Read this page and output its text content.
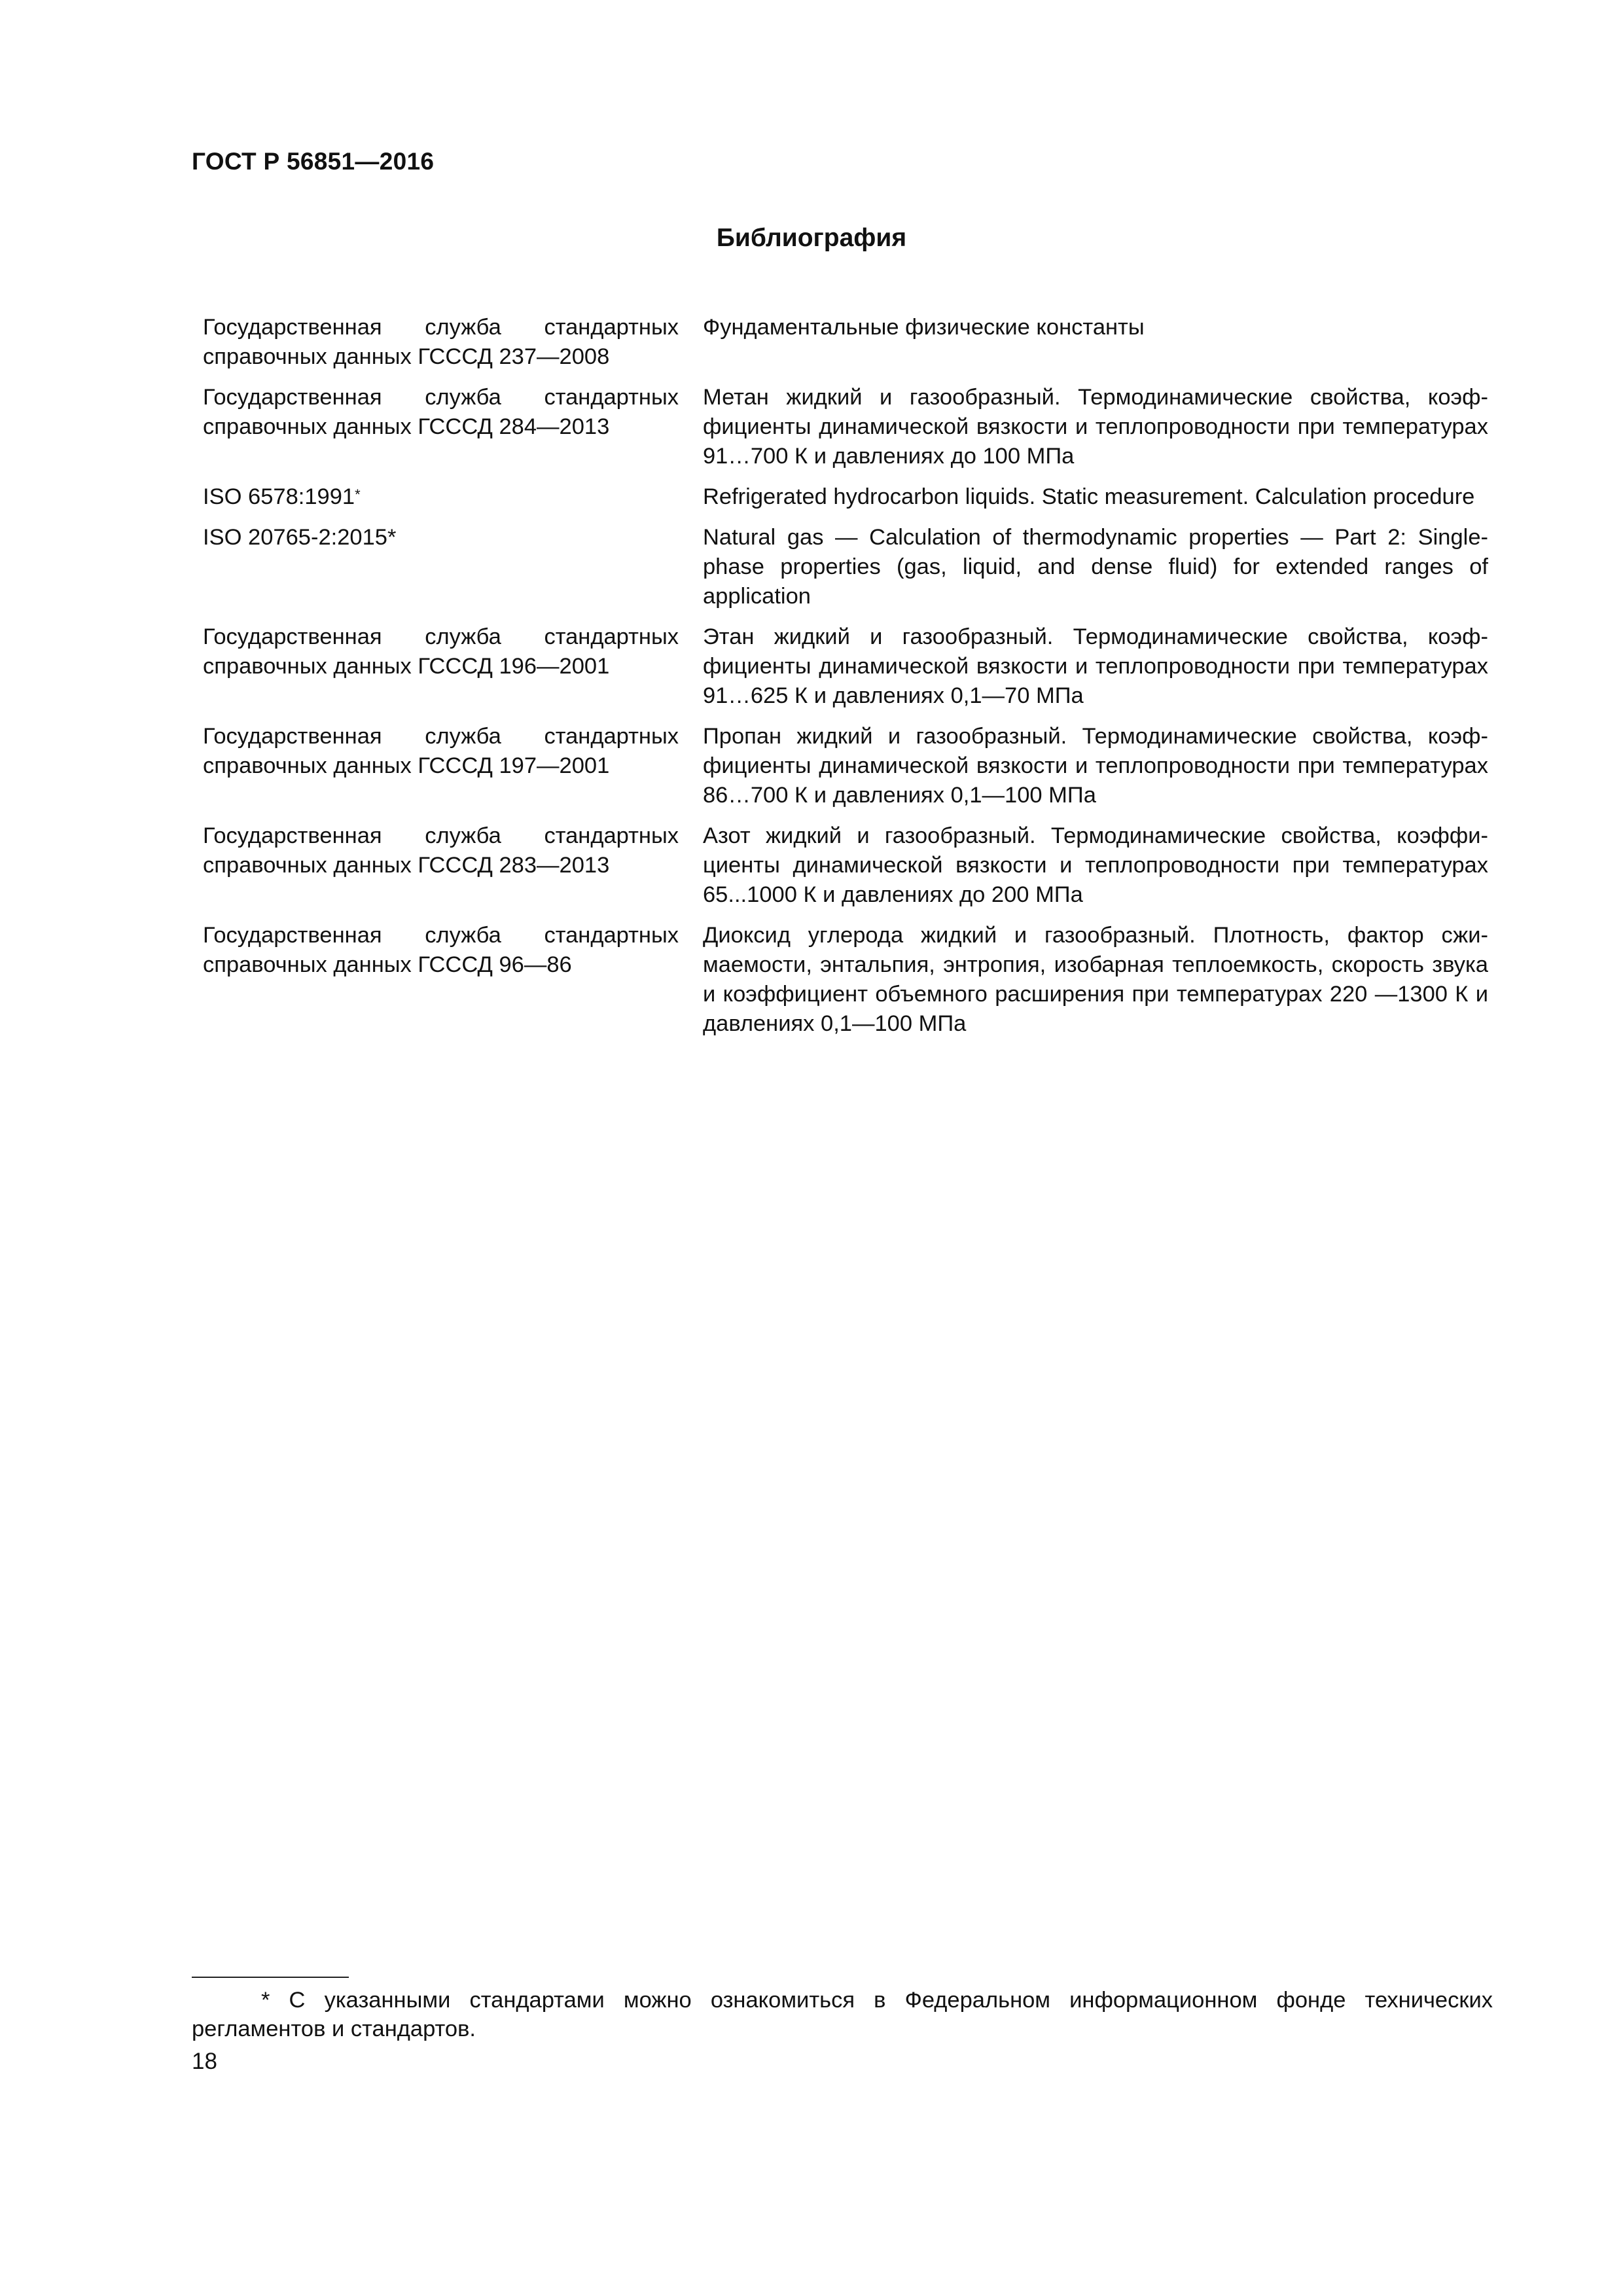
ГОСТ Р 56851—2016
Библиография
Государственная служба стандартных справочных данных ГСССД 237—2008	Фундаментальные физические константы
Государственная служба стандартных справочных данных ГСССД 284—2013	Метан жидкий и газообразный. Термодинамические свойства, коэффициенты динамической вязкости и теплопроводности при температурах 91…700 К и давлениях до 100 МПа
ISO 6578:1991*	Refrigerated hydrocarbon liquids. Static measurement. Calculation procedure
ISO 20765-2:2015*	Natural gas — Calculation of thermodynamic properties — Part 2: Single-phase properties (gas, liquid, and dense fluid) for extended ranges of application
Государственная служба стандартных справочных данных ГСССД 196—2001	Этан жидкий и газообразный. Термодинамические свойства, коэффициенты динамической вязкости и теплопроводности при температурах 91…625 К и давлениях 0,1—70 МПа
Государственная служба стандартных справочных данных ГСССД 197—2001	Пропан жидкий и газообразный. Термодинамические свойства, коэффициенты динамической вязкости и теплопроводности при температурах 86…700 К и давлениях 0,1—100 МПа
Государственная служба стандартных справочных данных ГСССД 283—2013	Азот жидкий и газообразный. Термодинамические свойства, коэффициенты динамической вязкости и теплопроводности при температурах 65...1000 К и давлениях до 200 МПа
Государственная служба стандартных справочных данных ГСССД 96—86	Диоксид углерода жидкий и газообразный. Плотность, фактор сжимаемости, энтальпия, энтропия, изобарная теплоемкость, скорость звука и коэффициент объемного расширения при температурах 220 —1300 К и давлениях 0,1—100 МПа
* С указанными стандартами можно ознакомиться в Федеральном информационном фонде технических регламентов и стандартов.
18
